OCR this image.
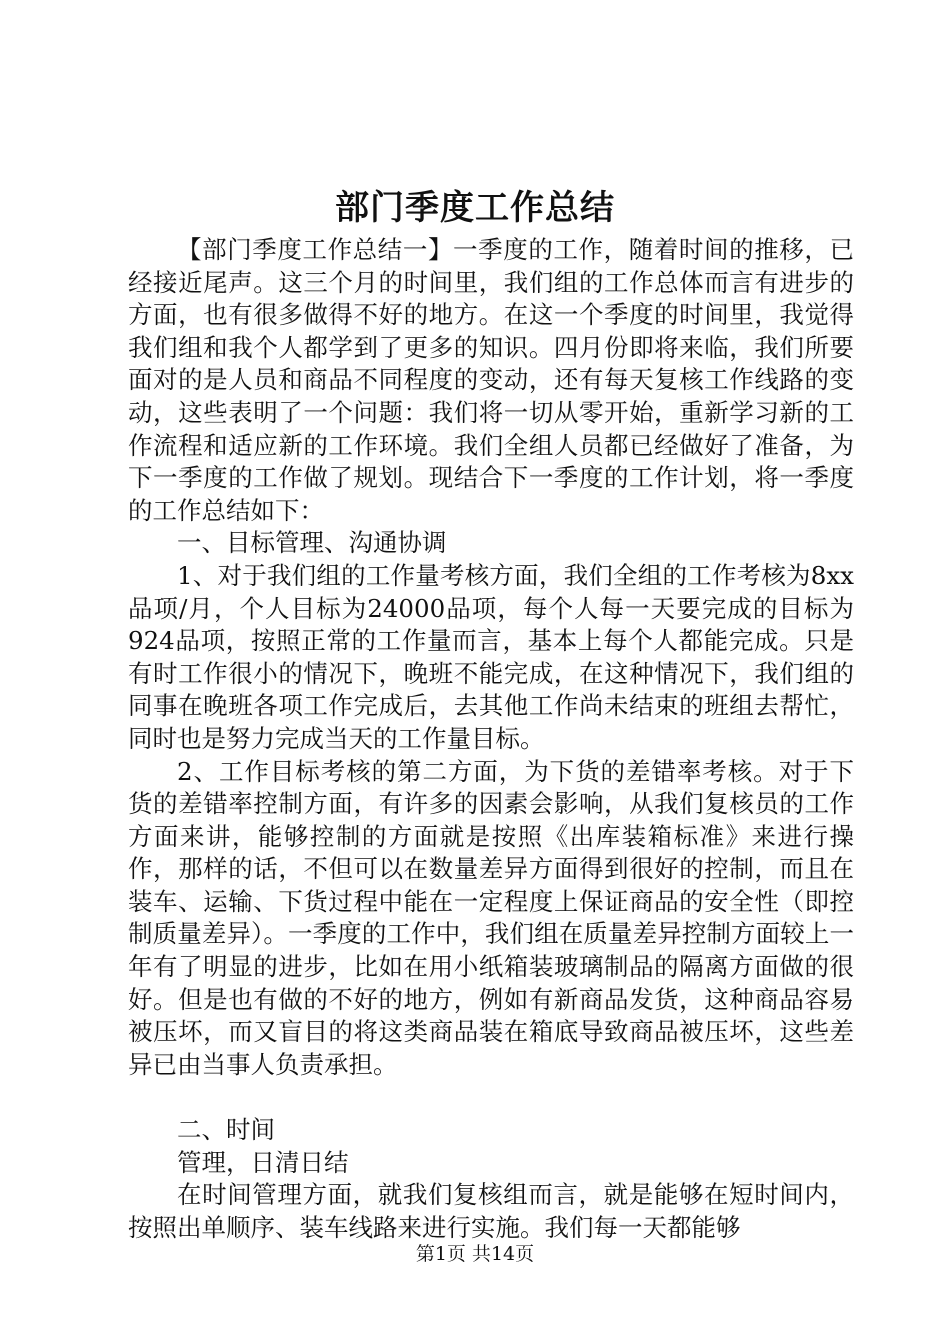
部门季度工作总结

【部门季度工作总结一】一季度的工作，随着时间的推移，已经接近尾声。这三个月的时间里，我们组的工作总体而言有进步的方面，也有很多做得不好的地方。在这一个季度的时间里，我觉得我们组和我个人都学到了更多的知识。四月份即将来临，我们所要面对的是人员和商品不同程度的变动，还有每天复核工作线路的变动，这些表明了一个问题：我们将一切从零开始，重新学习新的工作流程和适应新的工作环境。我们全组人员都已经做好了准备，为下一季度的工作做了规划。现结合下一季度的工作计划，将一季度的工作总结如下：

一、目标管理、沟通协调

1、对于我们组的工作量考核方面，我们全组的工作考核为8xx品项/月，个人目标为24000品项，每个人每一天要完成的目标为924品项，按照正常的工作量而言，基本上每个人都能完成。只是有时工作很小的情况下，晚班不能完成，在这种情况下，我们组的同事在晚班各项工作完成后，去其他工作尚未结束的班组去帮忙，同时也是努力完成当天的工作量目标。

2、工作目标考核的第二方面，为下货的差错率考核。对于下货的差错率控制方面，有许多的因素会影响，从我们复核员的工作方面来讲，能够控制的方面就是按照《出库装箱标准》来进行操作，那样的话，不但可以在数量差异方面得到很好的控制，而且在装车、运输、下货过程中能在一定程度上保证商品的安全性（即控制质量差异）。一季度的工作中，我们组在质量差异控制方面较上一年有了明显的进步，比如在用小纸箱装玻璃制品的隔离方面做的很好。但是也有做的不好的地方，例如有新商品发货，这种商品容易被压坏，而又盲目的将这类商品装在箱底导致商品被压坏，这些差异已由当事人负责承担。

二、时间

管理，日清日结

在时间管理方面，就我们复核组而言，就是能够在短时间内，按照出单顺序、装车线路来进行实施。我们每一天都能够

第1页 共14页
